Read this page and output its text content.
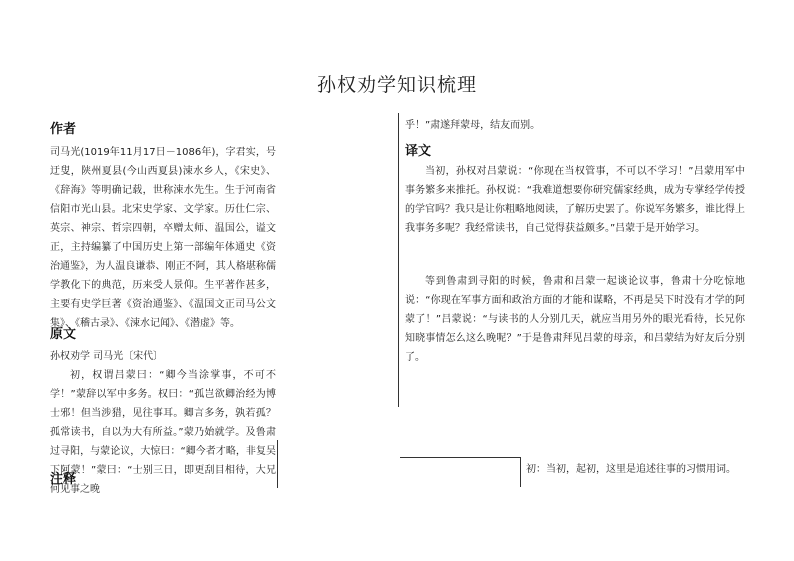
孙权劝学知识梳理
作者

司马光(1019年11月17日－1086年)，字君实，号迂叟，陕州夏县(今山西夏县)涑水乡人，《宋史》、《辞海》等明确记载，世称涑水先生。生于河南省信阳市光山县。北宋史学家、文学家。历仕仁宗、英宗、神宗、哲宗四朝，卒赠太师、温国公，谥文正，主持编纂了中国历史上第一部编年体通史《资治通鉴》，为人温良谦恭、刚正不阿，其人格堪称儒学教化下的典范，历来受人景仰。生平著作甚多，主要有史学巨著《资治通鉴》、《温国文正司马公文集》、《稽古录》、《涑水记闻》、《潜虚》等。

原文
孙权劝学 司马光〔宋代〕

初，权谓吕蒙曰：“卿今当涂掌事，不可不学！”蒙辞以军中多务。权曰：“孤岂欲卿治经为博士邪！但当涉猎，见往事耳。卿言多务，孰若孤？孤常读书，自以为大有所益。”蒙乃始就学。及鲁肃过寻阳，与蒙论议，大惊曰：“卿今者才略，非复吴下阿蒙！”蒙曰：“士别三日，即更刮目相待，大兄何见事之晚

注释

乎！”肃遂拜蒙母，结友而别。

译文

当初，孙权对吕蒙说：“你现在当权管事，不可以不学习！”吕蒙用军中事务繁多来推托。孙权说：“我难道想要你研究儒家经典，成为专掌经学传授的学官吗？我只是让你粗略地阅读，了解历史罢了。你说军务繁多，谁比得上我事务多呢？我经常读书，自己觉得获益颇多。”吕蒙于是开始学习。

等到鲁肃到寻阳的时候，鲁肃和吕蒙一起谈论议事，鲁肃十分吃惊地说：“你现在军事方面和政治方面的才能和谋略，不再是吴下时没有才学的阿蒙了！”吕蒙说：“与读书的人分别几天，就应当用另外的眼光看待，长兄你知晓事情怎么这么晚呢？”于是鲁肃拜见吕蒙的母亲，和吕蒙结为好友后分别了。

初：当初，起初，这里是追述往事的习惯用词。
